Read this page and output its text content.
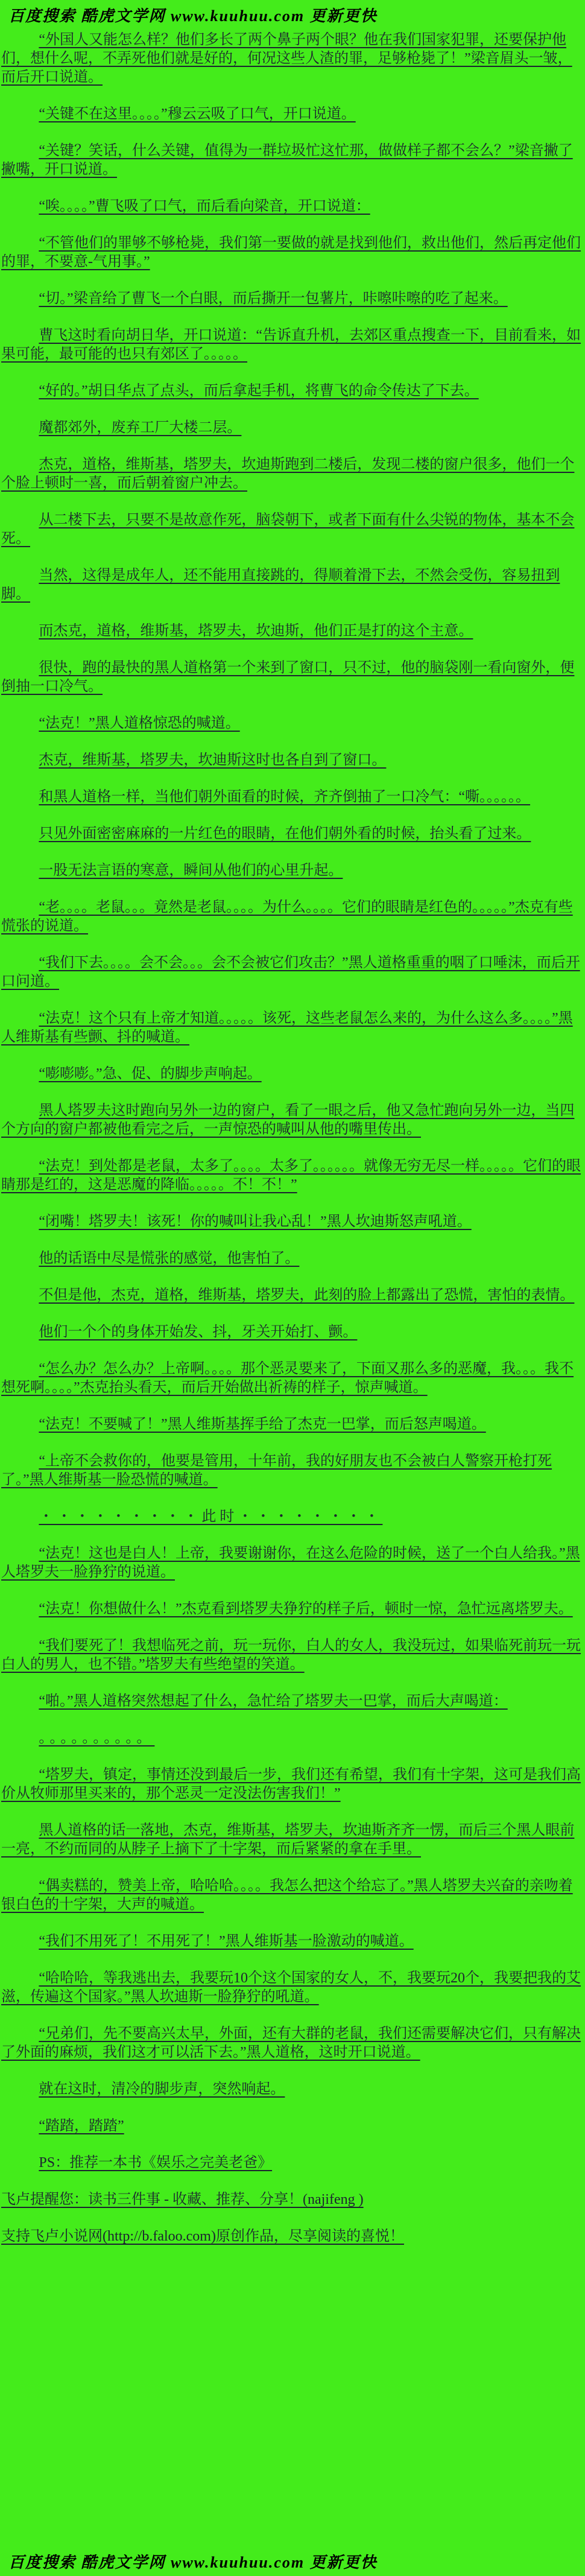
百度搜索 酷虎文学网 www.kuuhuu.com 更新更快

“外国人又能怎么样？他们多长了两个鼻子两个眼？他在我们国家犯罪，还要保护他们，想什么呢，不弄死他们就是好的，何况这些人渣的罪，足够枪毙了！”梁音眉头一皱，而后开口说道。

“关键不在这里。。。。”穆云云吸了口气，开口说道。

“关键？笑话，什么关键，值得为一群垃圾忙这忙那，做做样子都不会么？”梁音撇了撇嘴，开口说道。

“唉。。。。”曹飞吸了口气，而后看向梁音，开口说道：

“不管他们的罪够不够枪毙，我们第一要做的就是找到他们，救出他们，然后再定他们的罪，不要意-气用事。”

“切。”梁音给了曹飞一个白眼，而后撕开一包薯片，咔嚓咔嚓的吃了起来。

曹飞这时看向胡日华，开口说道：“告诉直升机，去郊区重点搜查一下，目前看来，如果可能，最可能的也只有郊区了。。。。。

“好的。”胡日华点了点头，而后拿起手机，将曹飞的命令传达了下去。

魔都郊外，废弃工厂大楼二层。

杰克，道格，维斯基，塔罗夫，坎迪斯跑到二楼后，发现二楼的窗户很多，他们一个个脸上顿时一喜，而后朝着窗户冲去。

从二楼下去，只要不是故意作死，脑袋朝下，或者下面有什么尖锐的物体，基本不会死。

当然，这得是成年人，还不能用直接跳的，得顺着滑下去，不然会受伤，容易扭到脚。

而杰克，道格，维斯基，塔罗夫，坎迪斯，他们正是打的这个主意。

很快，跑的最快的黑人道格第一个来到了窗口，只不过，他的脑袋刚一看向窗外，便倒抽一口冷气。

“法克！”黑人道格惊恐的喊道。

杰克，维斯基，塔罗夫，坎迪斯这时也各自到了窗口。

和黑人道格一样，当他们朝外面看的时候，齐齐倒抽了一口冷气：“嘶。。。。。。

只见外面密密麻麻的一片红色的眼睛，在他们朝外看的时候，抬头看了过来。

一股无法言语的寒意，瞬间从他们的心里升起。

“老。。。。老鼠。。。竟然是老鼠。。。。为什么。。。。它们的眼睛是红色的。。。。。”杰克有些慌张的说道。

“我们下去。。。。会不会。。。会不会被它们攻击？”黑人道格重重的咽了口唾沫，而后开口问道。

“法克！这个只有上帝才知道。。。。。该死，这些老鼠怎么来的，为什么这么多。。。。”黑人维斯基有些颤、抖的喊道。

“嘭嘭嘭。”急、促、的脚步声响起。

黑人塔罗夫这时跑向另外一边的窗户，看了一眼之后，他又急忙跑向另外一边，当四个方向的窗户都被他看完之后，一声惊恐的喊叫从他的嘴里传出。

“法克！到处都是老鼠，太多了。。。。太多了。。。。。。就像无穷无尽一样。。。。。它们的眼睛那是红的，这是恶魔的降临。。。。。不！不！”

“闭嘴！塔罗夫！该死！你的喊叫让我心乱！”黑人坎迪斯怒声吼道。

他的话语中尽是慌张的感觉，他害怕了。

不但是他，杰克，道格，维斯基，塔罗夫，此刻的脸上都露出了恐慌，害怕的表情。

他们一个个的身体开始发、抖，牙关开始打、颤。

“怎么办？怎么办？上帝啊。。。。那个恶灵要来了，下面又那么多的恶魔，我。。。我不想死啊。。。。”杰克抬头看天，而后开始做出祈祷的样子，惊声喊道。

“法克！不要喊了！”黑人维斯基挥手给了杰克一巴掌，而后怒声喝道。

“上帝不会救你的，他要是管用，十年前，我的好朋友也不会被白人警察开枪打死了。”黑人维斯基一脸恐慌的喊道。

・・・・・・・・・此时・・・・・・・・

“法克！这也是白人！上帝，我要谢谢你，在这么危险的时候，送了一个白人给我。”黑人塔罗夫一脸狰狞的说道。

“法克！你想做什么！”杰克看到塔罗夫狰狞的样子后，顿时一惊，急忙远离塔罗夫。

“我们要死了！我想临死之前，玩一玩你，白人的女人，我没玩过，如果临死前玩一玩白人的男人，也不错。”塔罗夫有些绝望的笑道。

“啪。”黑人道格突然想起了什么，急忙给了塔罗夫一巴掌，而后大声喝道：

。。。。。。。。。。

“塔罗夫，镇定，事情还没到最后一步，我们还有希望，我们有十字架，这可是我们高价从牧师那里买来的，那个恶灵一定没法伤害我们！”

黑人道格的话一落地，杰克，维斯基，塔罗夫，坎迪斯齐齐一愣，而后三个黑人眼前一亮，不约而同的从脖子上摘下了十字架，而后紧紧的拿在手里。

“偶卖糕的，赞美上帝，哈哈哈。。。。我怎么把这个给忘了。”黑人塔罗夫兴奋的亲吻着银白色的十字架，大声的喊道。

“我们不用死了！不用死了！”黑人维斯基一脸激动的喊道。

“哈哈哈，等我逃出去，我要玩10个这个国家的女人，不，我要玩20个，我要把我的艾滋，传遍这个国家。”黑人坎迪斯一脸狰狞的吼道。

“兄弟们，先不要高兴太早，外面，还有大群的老鼠，我们还需要解决它们，只有解决了外面的麻烦，我们这才可以活下去。”黑人道格，这时开口说道。

就在这时，清冷的脚步声，突然响起。

“踏踏，踏踏”

PS：推荐一本书《娱乐之完美老爸》

飞卢提醒您：读书三件事 - 收藏、推荐、分享！(najifeng )

支持飞卢小说网(http://b.faloo.com)原创作品，尽享阅读的喜悦！

百度搜索 酷虎文学网 www.kuuhuu.com 更新更快
